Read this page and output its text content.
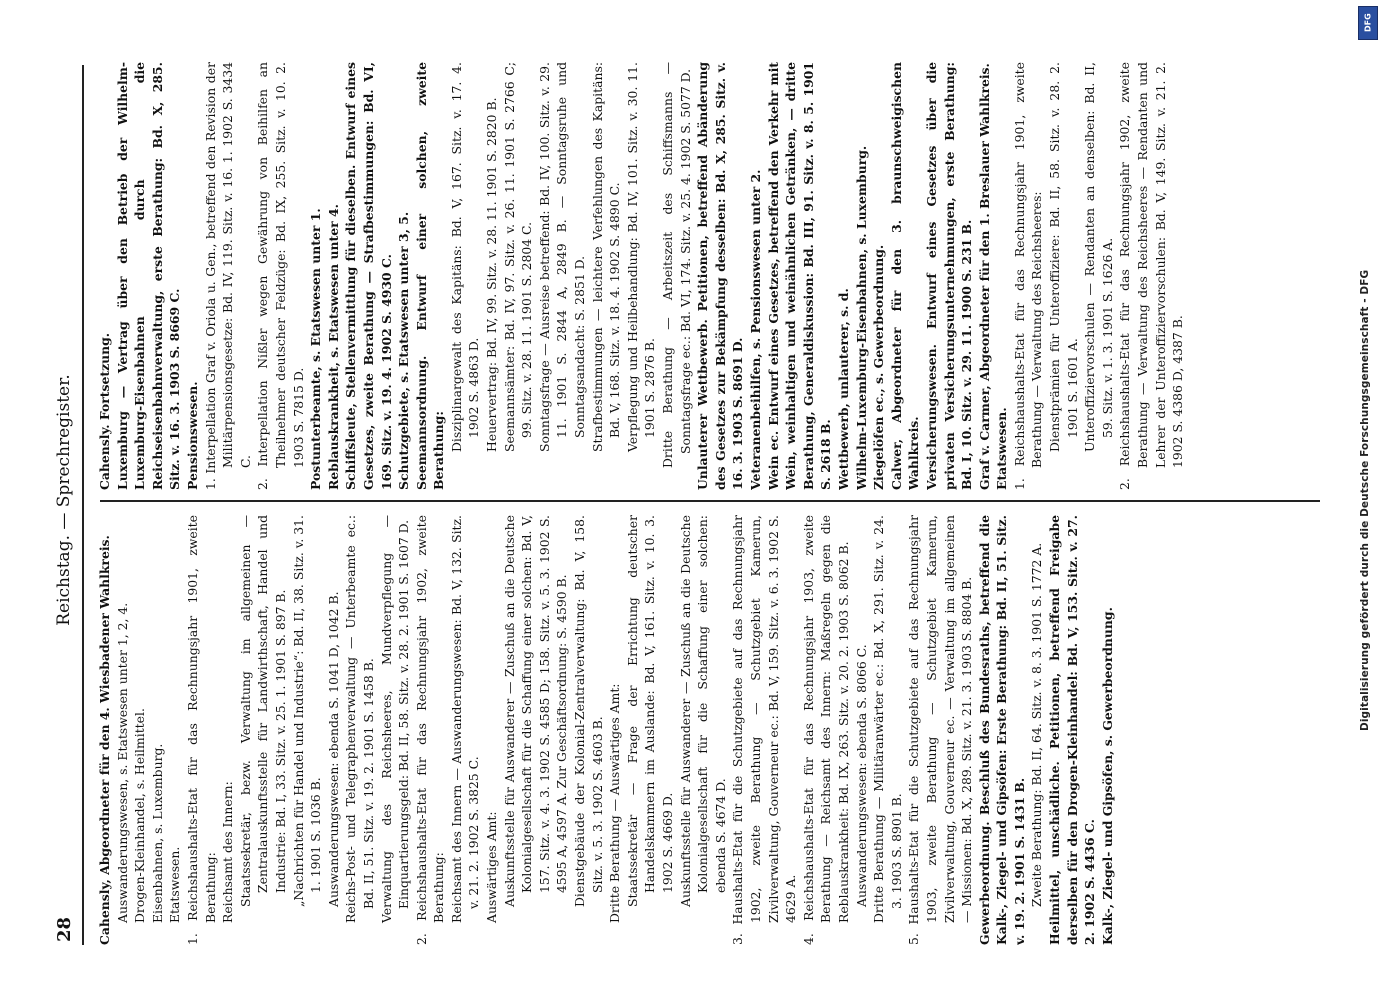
28
Reichstag. — Sprechregister.

Cahensly, Abgeordneter für den 4. Wiesbadener Wahlkreis. Auswanderungswesen, s. Etatswesen unter 1, 2, 4. Drogen-Kleinhandel, s. Heilmittel. Eisenbahnen, s. Luxemburg. Etatswesen. 1. Reichshaushalts-Etat für das Rechnungsjahr 1901, zweite Berathung: Reichsamt des Innern: Staatssekretär, bezw. Verwaltung im allgemeinen — Zentralauskunftsstelle für Landwirthschaft, Handel und Industrie: Bd. I, 33. Sitz. v. 25. 1. 1901 S. 897 B. „Nachrichten für Handel und Industrie“: Bd. II, 38. Sitz. v. 31. 1. 1901 S. 1036 B. Auswanderungswesen: ebenda S. 1041 D, 1042 B. Reichs-Post- und Telegraphenverwaltung — Unterbeamte ec.: Bd. II, 51. Sitz. v. 19. 2. 1901 S. 1458 B. Verwaltung des Reichsheeres, Mundverpflegung — Einquartierungsgeld: Bd. II, 58. Sitz. v. 28. 2. 1901 S. 1607 D. 2. Reichshaushalts-Etat für das Rechnungsjahr 1902, zweite Berathung: Reichsamt des Innern — Auswanderungswesen: Bd. V, 132. Sitz. v. 21. 2. 1902 S. 3825 C. Auswärtiges Amt: Auskunftsstelle für Auswanderer — Zuschuß an die Deutsche Kolonialgesellschaft für die Schaffung einer solchen: Bd. V, 157. Sitz. v. 4. 3. 1902 S. 4585 D; 158. Sitz. v. 5. 3. 1902 S. 4595 A, 4597 A. Zur Geschäftsordnung: S. 4590 B. Dienstgebäude der Kolonial-Zentralverwaltung: Bd. V, 158. Sitz. v. 5. 3. 1902 S. 4603 B. Dritte Berathung — Auswärtiges Amt: Staatssekretär — Frage der Errichtung deutscher Handelskammern im Auslande: Bd. V, 161. Sitz. v. 10. 3. 1902 S. 4669 D. Auskunftsstelle für Auswanderer — Zuschuß an die Deutsche Kolonialgesellschaft für die Schaffung einer solchen: ebenda S. 4674 D. 3. Haushalts-Etat für die Schutzgebiete auf das Rechnungsjahr 1902, zweite Berathung — Schutzgebiet Kamerun, Zivilverwaltung, Gouverneur ec.: Bd. V, 159. Sitz. v. 6. 3. 1902 S. 4629 A. 4. Reichshaushalts-Etat für das Rechnungsjahr 1903, zweite Berathung — Reichsamt des Innern: Maßregeln gegen die Reblauskrankheit: Bd. IX, 263. Sitz. v. 20. 2. 1903 S. 8062 B. Auswanderungswesen: ebenda S. 8066 C. Dritte Berathung — Militäranwärter ec.: Bd. X, 291. Sitz. v. 24. 3. 1903 S. 8901 B. 5. Haushalts-Etat für die Schutzgebiete auf das Rechnungsjahr 1903, zweite Berathung — Schutzgebiet Kamerun, Zivilverwaltung, Gouverneur ec. — Verwaltung im allgemeinen — Missionen: Bd. X, 289. Sitz. v. 21. 3. 1903 S. 8804 B. Gewerbeordnung. Beschluß des Bundesraths, betreffend die Kalk-, Ziegel- und Gipsöfen: Erste Berathung: Bd. II, 51. Sitz. v. 19. 2. 1901 S. 1431 B. Zweite Berathung: Bd. II, 64. Sitz. v. 8. 3. 1901 S. 1772 A. Heilmittel, unschädliche. Petitionen, betreffend Freigabe derselben für den Drogen-Kleinhandel: Bd. V, 153. Sitz. v. 27. 2. 1902 S. 4436 C. Kalk-, Ziegel- und Gipsöfen, s. Gewerbeordnung.

Cahensly. Fortsetzung. Luxemburg — Vertrag über den Betrieb der Wilhelm-Luxemburg-Eisenbahnen durch die Reichseisenbahnverwaltung, erste Berathung: Bd. X, 285. Sitz. v. 16. 3. 1903 S. 8669 C. Pensionswesen. 1. Interpellation Graf v. Oriola u. Gen., betreffend den Revision der Militärpensionsgesetze: Bd. IV, 119. Sitz. v. 16. 1. 1902 S. 3434 C. 2. Interpellation Nißler wegen Gewährung von Beihilfen an Theilnehmer deutscher Feldzüge: Bd. IX, 255. Sitz. v. 10. 2. 1903 S. 7815 D. Postunterbeamte, s. Etatswesen unter 1. Reblauskrankheit, s. Etatswesen unter 4. Schiffsleute, Stellenvermittlung für dieselben. Entwurf eines Gesetzes, zweite Berathung — Strafbestimmungen: Bd. VI, 169. Sitz. v. 19. 4. 1902 S. 4930 C. Schutzgebiete, s. Etatswesen unter 3, 5. Seemannsordnung. Entwurf einer solchen, zweite Berathung: Disziplinargewalt des Kapitäns: Bd. V, 167. Sitz. v. 17. 4. 1902 S. 4863 D. Heuervertrag: Bd. IV, 99. Sitz. v. 28. 11. 1901 S. 2820 B. Seemannsämter: Bd. IV, 97. Sitz. v. 26. 11. 1901 S. 2766 C; 99. Sitz. v. 28. 11. 1901 S. 2804 C. Sonntagsfrage — Ausreise betreffend: Bd. IV, 100. Sitz. v. 29. 11. 1901 S. 2844 A, 2849 B. — Sonntagsruhe und Sonntagsandacht: S. 2851 D. Strafbestimmungen — leichtere Verfehlungen des Kapitäns: Bd. V, 168. Sitz. v. 18. 4. 1902 S. 4890 C. Verpflegung und Heilbehandlung: Bd. IV, 101. Sitz. v. 30. 11. 1901 S. 2876 B. Dritte Berathung — Arbeitszeit des Schiffsmanns — Sonntagsfrage ec.: Bd. VI, 174. Sitz. v. 25. 4. 1902 S. 5077 D. Unlauterer Wettbewerb. Petitionen, betreffend Abänderung des Gesetzes zur Bekämpfung desselben: Bd. X, 285. Sitz. v. 16. 3. 1903 S. 8691 D. Veteranenbeihilfen, s. Pensionswesen unter 2. Wein ec. Entwurf eines Gesetzes, betreffend den Verkehr mit Wein, weinhaltigen und weinähnlichen Getränken, — dritte Berathung, Generaldiskussion: Bd. III, 91. Sitz. v. 8. 5. 1901 S. 2618 B. Wettbewerb, unlauterer, s. d. Wilhelm-Luxemburg-Eisenbahnen, s. Luxemburg. Ziegelöfen ec., s. Gewerbeordnung. Calwer, Abgeordneter für den 3. braunschweigischen Wahlkreis. Versicherungswesen. Entwurf eines Gesetzes über die privaten Versicherungsunternehmungen, erste Berathung: Bd. I, 10. Sitz. v. 29. 11. 1900 S. 231 B. Graf v. Carmer, Abgeordneter für den 1. Breslauer Wahlkreis. Etatswesen. 1. Reichshaushalts-Etat für das Rechnungsjahr 1901, zweite Berathung — Verwaltung des Reichsheeres: Dienstprämien für Unteroffiziere: Bd. II, 58. Sitz. v. 28. 2. 1901 S. 1601 A. Unteroffiziervorschulen — Rendanten an denselben: Bd. II, 59. Sitz. v. 1. 3. 1901 S. 1626 A. 2. Reichshaushalts-Etat für das Rechnungsjahr 1902, zweite Berathung — Verwaltung des Reichsheeres — Rendanten und Lehrer der Unteroffiziervorschulen: Bd. V, 149. Sitz. v. 21. 2. 1902 S. 4386 D, 4387 B.	Digitalisierung gefördert durch die Deutsche Forschungsgemeinschaft - DFG
DFG
